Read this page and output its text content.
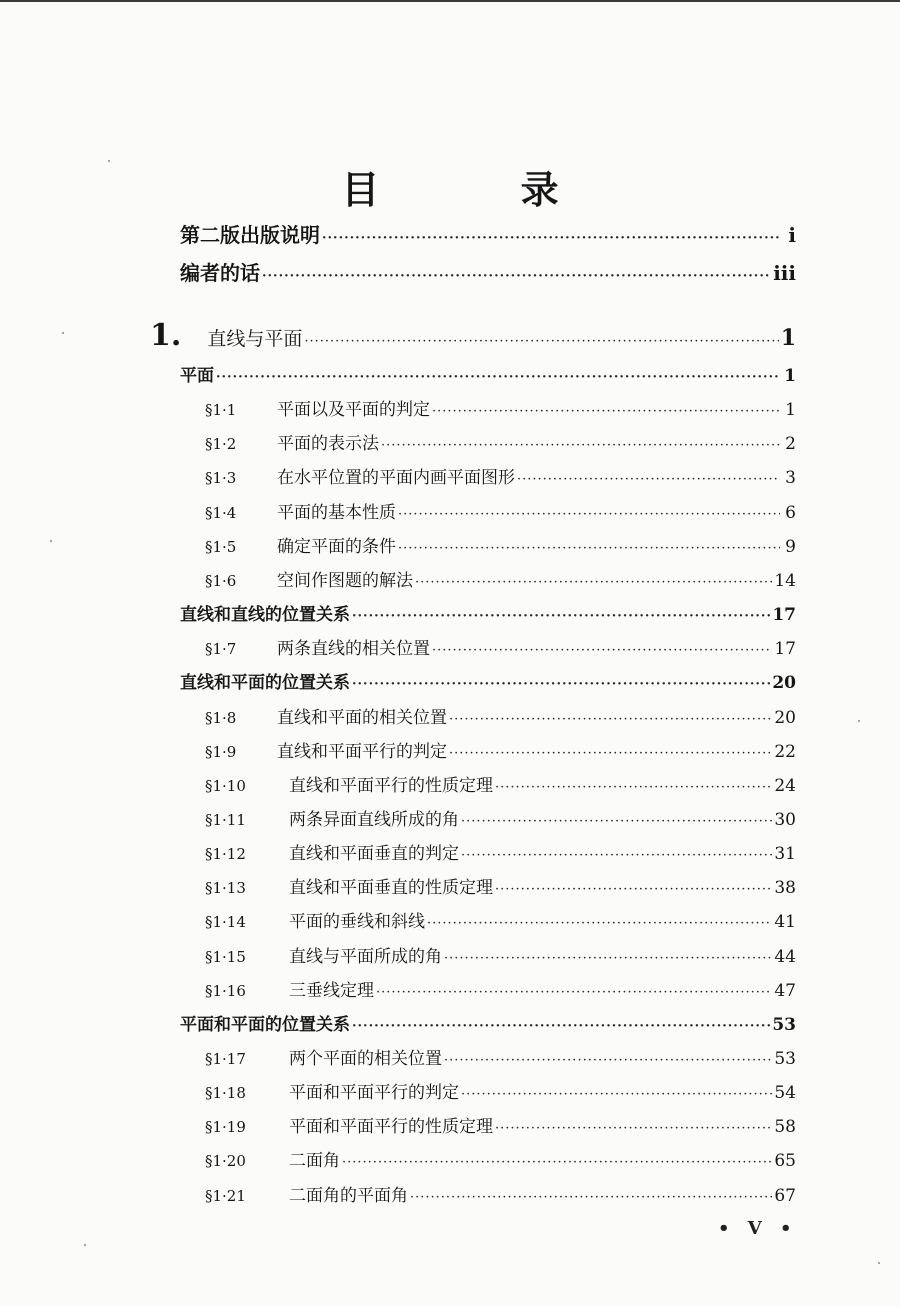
目 录
第二版出版说明 ·····	i
编者的话 ·····	iii
1. 直线与平面 ·····	1
平面 ·····	1
§1·1	平面以及平面的判定 ·····	1
§1·2	平面的表示法 ·····	2
§1·3	在水平位置的平面内画平面图形 ·····	3
§1·4	平面的基本性质 ·····	6
§1·5	确定平面的条件 ·····	9
§1·6	空间作图题的解法 ·····	14
直线和直线的位置关系 ·····	17
§1·7	两条直线的相关位置 ·····	17
直线和平面的位置关系 ·····	20
§1·8	直线和平面的相关位置 ·····	20
§1·9	直线和平面平行的判定 ·····	22
§1·10	直线和平面平行的性质定理 ·····	24
§1·11	两条异面直线所成的角 ·····	30
§1·12	直线和平面垂直的判定 ·····	31
§1·13	直线和平面垂直的性质定理 ·····	38
§1·14	平面的垂线和斜线 ·····	41
§1·15	直线与平面所成的角 ·····	44
§1·16	三垂线定理 ·····	47
平面和平面的位置关系 ·····	53
§1·17	两个平面的相关位置 ·····	53
§1·18	平面和平面平行的判定 ·····	54
§1·19	平面和平面平行的性质定理 ·····	58
§1·20	二面角 ·····	65
§1·21	二面角的平面角 ·····	67
• V •
